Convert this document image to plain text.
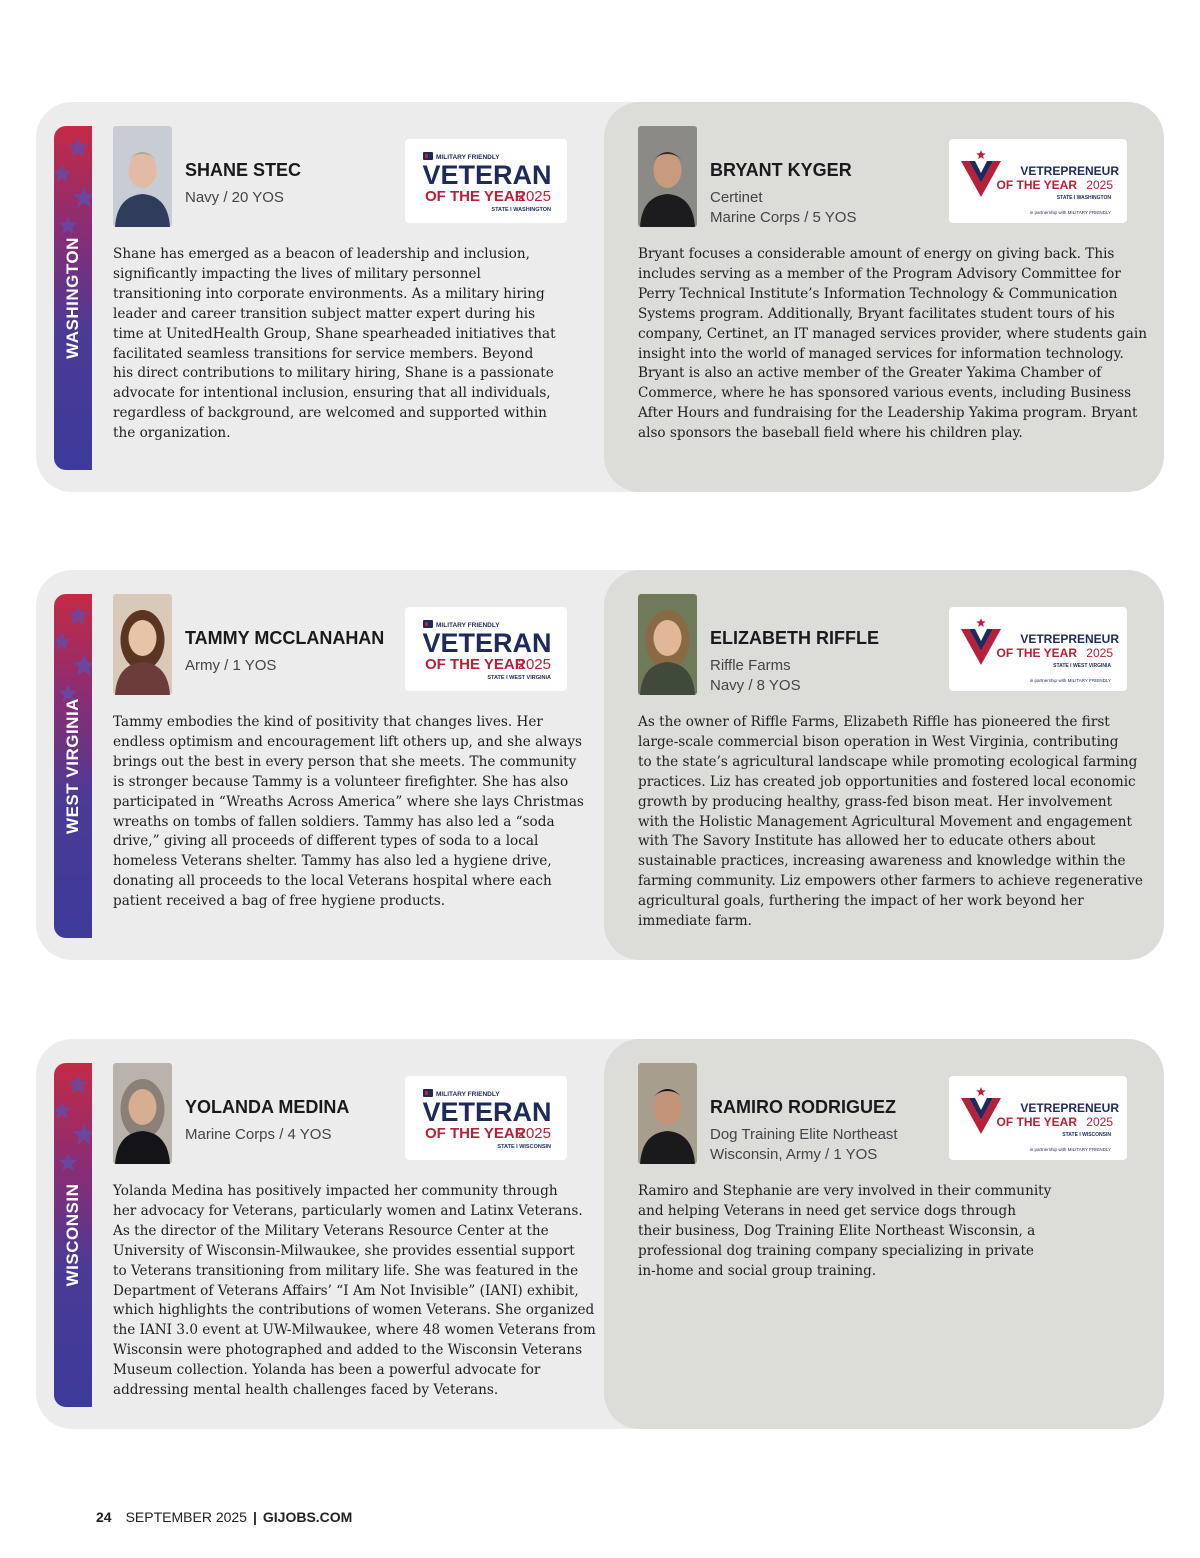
WASHINGTON
SHANE STEC
Navy / 20 YOS
MILITARY FRIENDLY
VETERAN
OF THE YEAR
2025
STATE I WASHINGTON
Shane has emerged as a beacon of leadership and inclusion,
significantly impacting the lives of military personnel
transitioning into corporate environments. As a military hiring
leader and career transition subject matter expert during his
time at UnitedHealth Group, Shane spearheaded initiatives that
facilitated seamless transitions for service members. Beyond
his direct contributions to military hiring, Shane is a passionate
advocate for intentional inclusion, ensuring that all individuals,
regardless of background, are welcomed and supported within
the organization.
BRYANT KYGER
Certinet
Marine Corps / 5 YOS
VETREPRENEUR
OF THE YEAR 2025
STATE I WASHINGTON
in partnership with MILITARY FRIENDLY
Bryant focuses a considerable amount of energy on giving back. This
includes serving as a member of the Program Advisory Committee for
Perry Technical Institute’s Information Technology & Communication
Systems program. Additionally, Bryant facilitates student tours of his
company, Certinet, an IT managed services provider, where students gain
insight into the world of managed services for information technology.
Bryant is also an active member of the Greater Yakima Chamber of
Commerce, where he has sponsored various events, including Business
After Hours and fundraising for the Leadership Yakima program. Bryant
also sponsors the baseball field where his children play.
WEST VIRGINIA
TAMMY MCCLANAHAN
Army / 1 YOS
MILITARY FRIENDLY
VETERAN
OF THE YEAR
2025
STATE I WEST VIRGINIA
Tammy embodies the kind of positivity that changes lives. Her
endless optimism and encouragement lift others up, and she always
brings out the best in every person that she meets. The community
is stronger because Tammy is a volunteer firefighter. She has also
participated in “Wreaths Across America” where she lays Christmas
wreaths on tombs of fallen soldiers. Tammy has also led a “soda
drive,” giving all proceeds of different types of soda to a local
homeless Veterans shelter. Tammy has also led a hygiene drive,
donating all proceeds to the local Veterans hospital where each
patient received a bag of free hygiene products.
ELIZABETH RIFFLE
Riffle Farms
Navy / 8 YOS
VETREPRENEUR
OF THE YEAR 2025
STATE I WEST VIRGINIA
in partnership with MILITARY FRIENDLY
As the owner of Riffle Farms, Elizabeth Riffle has pioneered the first
large-scale commercial bison operation in West Virginia, contributing
to the state’s agricultural landscape while promoting ecological farming
practices. Liz has created job opportunities and fostered local economic
growth by producing healthy, grass-fed bison meat. Her involvement
with the Holistic Management Agricultural Movement and engagement
with The Savory Institute has allowed her to educate others about
sustainable practices, increasing awareness and knowledge within the
farming community. Liz empowers other farmers to achieve regenerative
agricultural goals, furthering the impact of her work beyond her
immediate farm.
WISCONSIN
YOLANDA MEDINA
Marine Corps / 4 YOS
MILITARY FRIENDLY
VETERAN
OF THE YEAR
2025
STATE I WISCONSIN
Yolanda Medina has positively impacted her community through
her advocacy for Veterans, particularly women and Latinx Veterans.
As the director of the Military Veterans Resource Center at the
University of Wisconsin-Milwaukee, she provides essential support
to Veterans transitioning from military life. She was featured in the
Department of Veterans Affairs’ “I Am Not Invisible” (IANI) exhibit,
which highlights the contributions of women Veterans. She organized
the IANI 3.0 event at UW-Milwaukee, where 48 women Veterans from
Wisconsin were photographed and added to the Wisconsin Veterans
Museum collection. Yolanda has been a powerful advocate for
addressing mental health challenges faced by Veterans.
RAMIRO RODRIGUEZ
Dog Training Elite Northeast
Wisconsin, Army / 1 YOS
VETREPRENEUR
OF THE YEAR 2025
STATE I WISCONSIN
in partnership with MILITARY FRIENDLY
Ramiro and Stephanie are very involved in their community
and helping Veterans in need get service dogs through
their business, Dog Training Elite Northeast Wisconsin, a
professional dog training company specializing in private
in-home and social group training.
24 SEPTEMBER 2025 | GIJOBS.COM
